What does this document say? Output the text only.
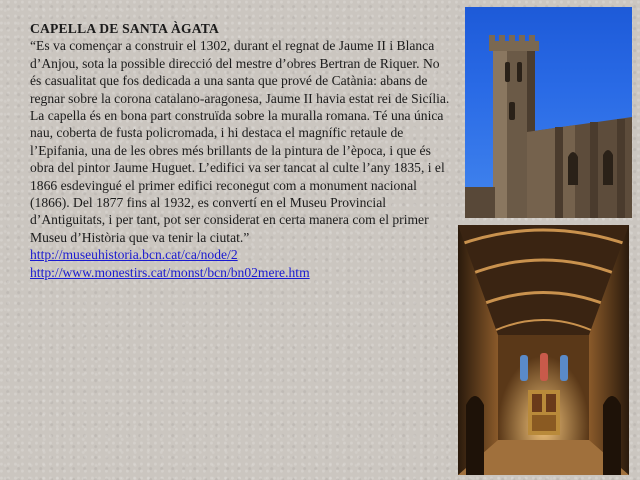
CAPELLA DE SANTA ÀGATA

“Es va començar a construir el 1302, durant el regnat de Jaume II i Blanca d’Anjou, sota la possible direcció del mestre d’obres Bertran de Riquer. No és casualitat que fos dedicada a una santa que prové de Catània: abans de regnar sobre la corona catalano-aragonesa, Jaume II havia estat rei de Sicília. La capella és en bona part construïda sobre la muralla romana. Té una única nau, coberta de fusta policromada, i hi destaca el magnífic retaule de l’Epifania, una de les obres més brillants de la pintura de l’època, i que és obra del pintor Jaume Huguet. L’edifici va ser tancat al culte l’any 1835, i el 1866 esdevingué el primer edifici reconegut com a monument nacional (1866). Del 1877 fins al 1932, es convertí en el Museu Provincial d’Antiguitats, i per tant, pot ser considerat en certa manera com el primer Museu d’Història que va tenir la ciutat.”

http://museuhistoria.bcn.cat/ca/node/2
http://www.monestirs.cat/monst/bcn/bn02mere.htm
